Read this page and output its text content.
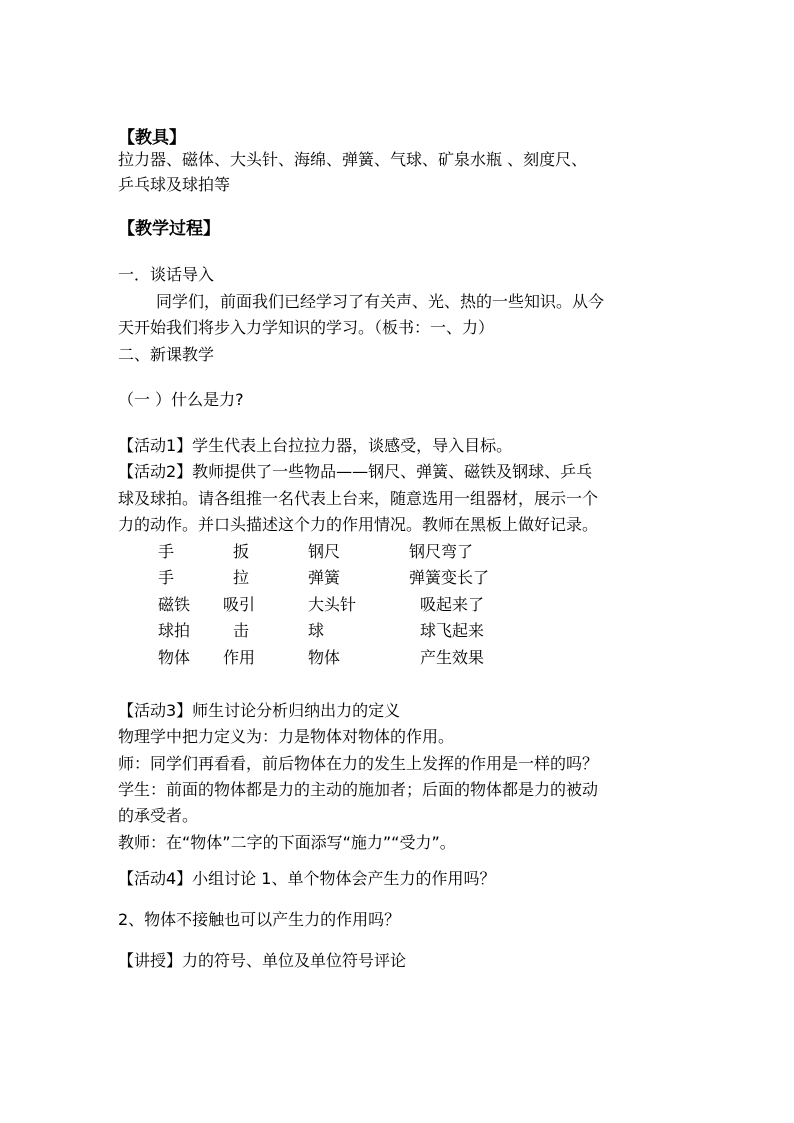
【教具】
拉力器、磁体、大头针、海绵、弹簧、气球、矿泉水瓶 、刻度尺、
乒乓球及球拍等
【教学过程】
一．谈话导入
同学们，前面我们已经学习了有关声、光、热的一些知识。从今
天开始我们将步入力学知识的学习。（板书：一、力）
二、新课教学
（一 ）什么是力?
【活动1】学生代表上台拉拉力器，谈感受，导入目标。
【活动2】教师提供了一些物品——钢尺、弹簧、磁铁及钢球、乒乓
球及球拍。请各组推一名代表上台来，随意选用一组器材，展示一个
力的动作。并口头描述这个力的作用情况。教师在黑板上做好记录。
手	扳	钢尺	钢尺弯了
手	拉	弹簧	弹簧变长了
磁铁 吸引	大头针	吸起来了
球拍	击	球	球飞起来
物体 作用	物体	产生效果
【活动3】师生讨论分析归纳出力的定义
物理学中把力定义为：力是物体对物体的作用。
师：同学们再看看，前后物体在力的发生上发挥的作用是一样的吗？
学生：前面的物体都是力的主动的施加者；后面的物体都是力的被动
的承受者。
教师：在“物体”二字的下面添写“施力”“受力”。
【活动4】小组讨论 1、单个物体会产生力的作用吗？
2、物体不接触也可以产生力的作用吗？
【讲授】力的符号、单位及单位符号评论
